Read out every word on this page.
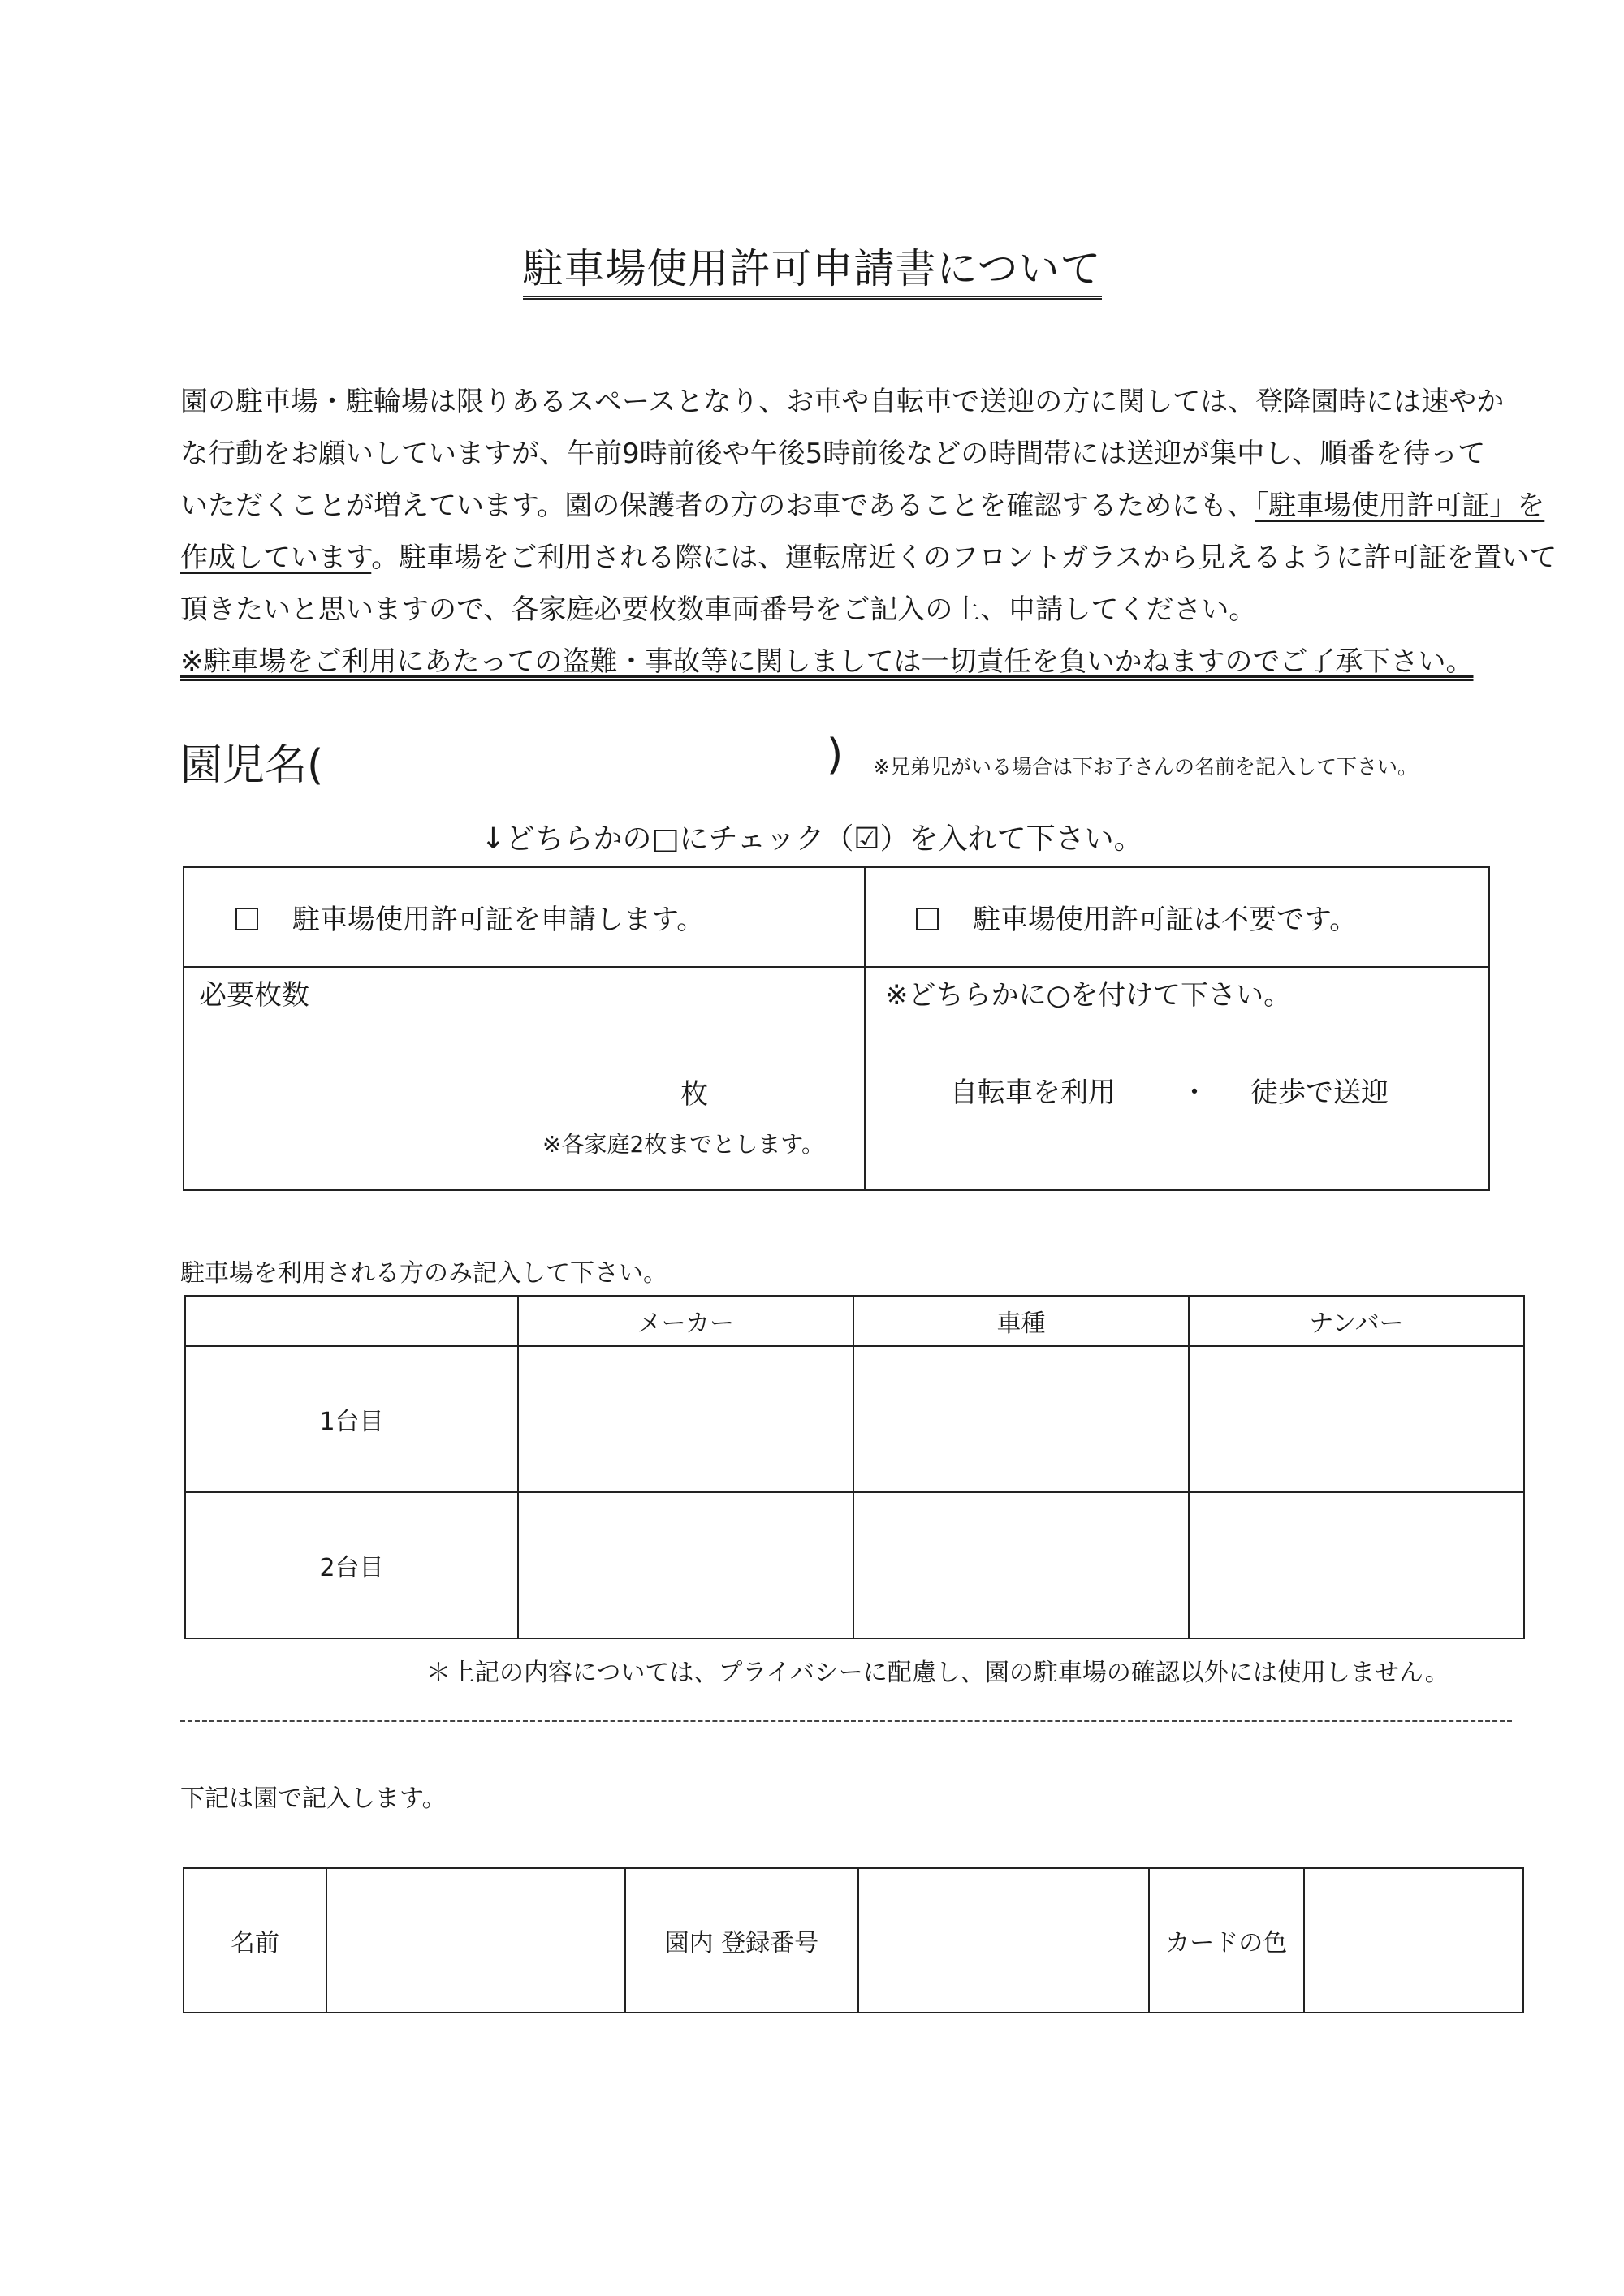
駐車場使用許可申請書について
園の駐車場・駐輪場は限りあるスペースとなり、お車や自転車で送迎の方に関しては、登降園時には速やか
な行動をお願いしていますが、午前9時前後や午後5時前後などの時間帯には送迎が集中し、順番を待って
いただくことが増えています。園の保護者の方のお車であることを確認するためにも、「駐車場使用許可証」を
作成しています。駐車場をご利用される際には、運転席近くのフロントガラスから見えるように許可証を置いて
頂きたいと思いますので、各家庭必要枚数車両番号をご記入の上、申請してください。
※駐車場をご利用にあたっての盗難・事故等に関しましては一切責任を負いかねますのでご了承下さい。
園児名(	) ※兄弟児がいる場合は下お子さんの名前を記入して下さい。
↓どちらかの□にチェック（☑）を入れて下さい。
駐車場使用許可証を申請します。	駐車場使用許可証は不要です。
必要枚数
枚
※各家庭2枚までとします。
※どちらかに○を付けて下さい。
自転車を利用 ・ 徒歩で送迎
駐車場を利用される方のみ記入して下さい。
	メーカー	車種	ナンバー
1台目			
2台目			
＊上記の内容については、プライバシーに配慮し、園の駐車場の確認以外には使用しません。
下記は園で記入します。
名前		園内 登録番号		カードの色	
